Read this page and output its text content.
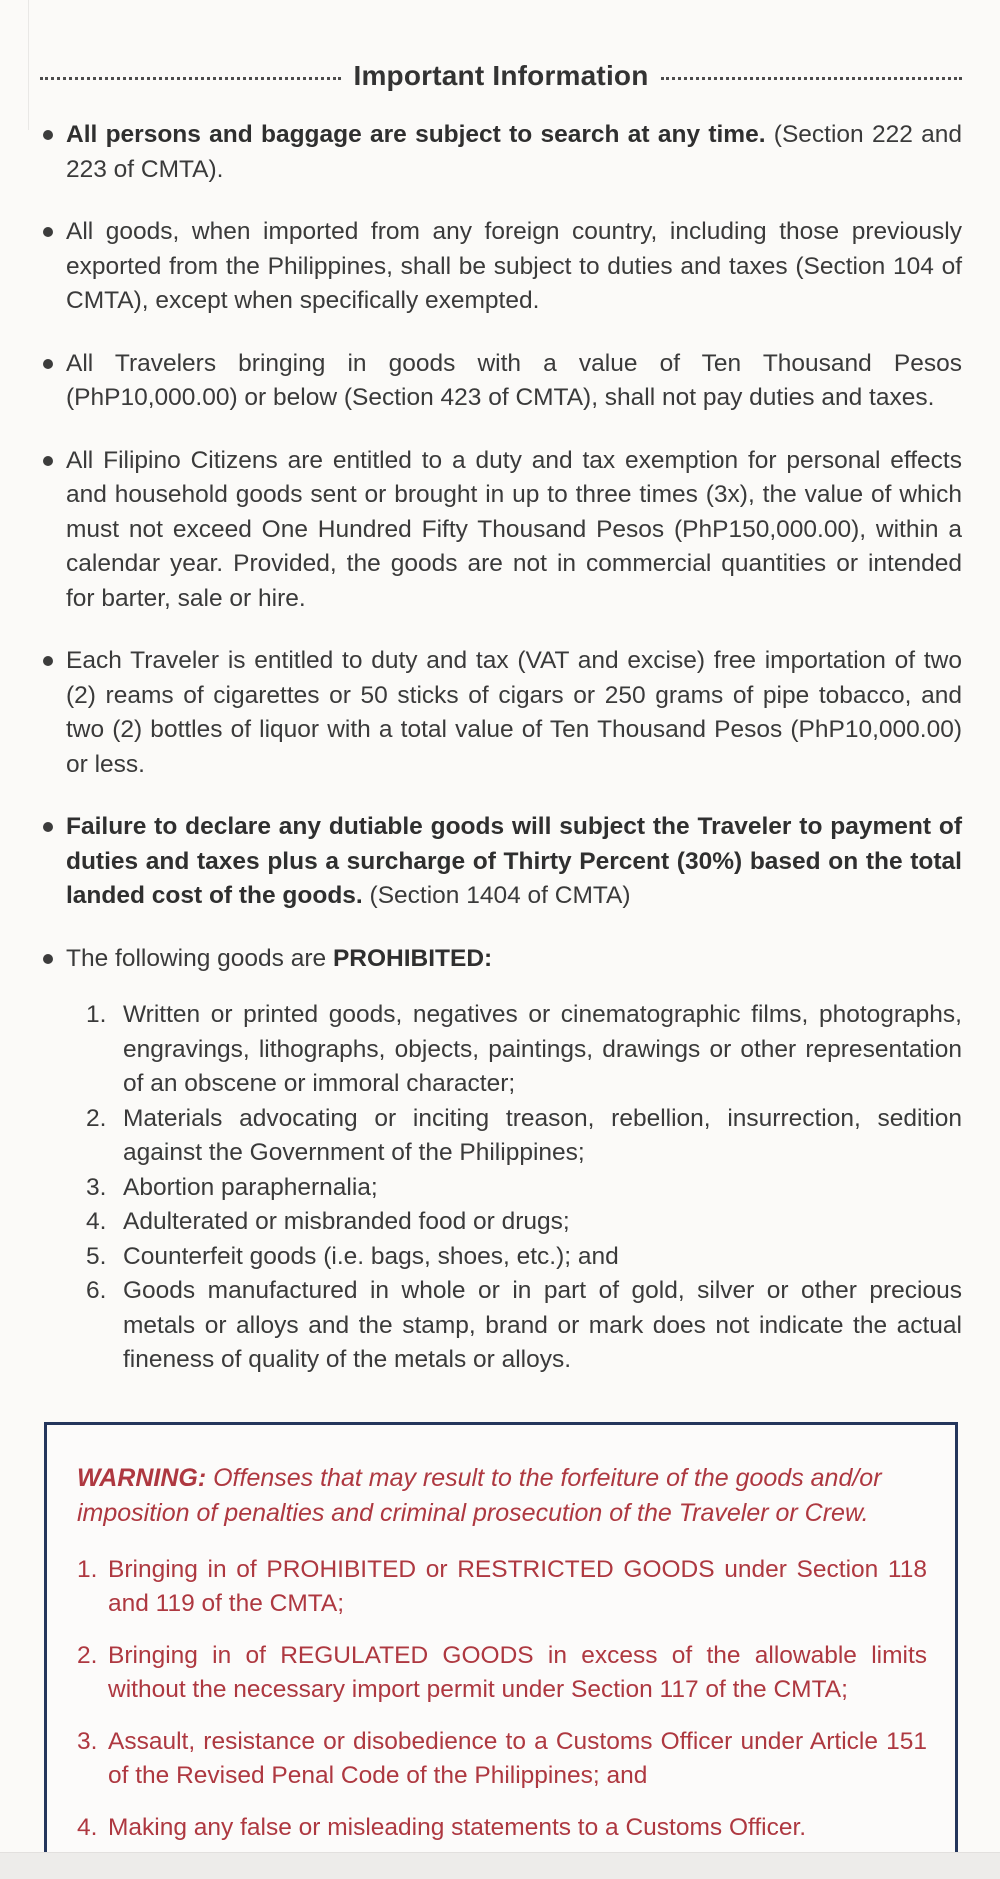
Important Information
All persons and baggage are subject to search at any time. (Section 222 and 223 of CMTA).
All goods, when imported from any foreign country, including those previously exported from the Philippines, shall be subject to duties and taxes (Section 104 of CMTA), except when specifically exempted.
All Travelers bringing in goods with a value of Ten Thousand Pesos (PhP10,000.00) or below (Section 423 of CMTA), shall not pay duties and taxes.
All Filipino Citizens are entitled to a duty and tax exemption for personal effects and household goods sent or brought in up to three times (3x), the value of which must not exceed One Hundred Fifty Thousand Pesos (PhP150,000.00), within a calendar year. Provided, the goods are not in commercial quantities or intended for barter, sale or hire.
Each Traveler is entitled to duty and tax (VAT and excise) free importation of two (2) reams of cigarettes or 50 sticks of cigars or 250 grams of pipe tobacco, and two (2) bottles of liquor with a total value of Ten Thousand Pesos (PhP10,000.00) or less.
Failure to declare any dutiable goods will subject the Traveler to payment of duties and taxes plus a surcharge of Thirty Percent (30%) based on the total landed cost of the goods. (Section 1404 of CMTA)
The following goods are PROHIBITED:
1. Written or printed goods, negatives or cinematographic films, photographs, engravings, lithographs, objects, paintings, drawings or other representation of an obscene or immoral character;
2. Materials advocating or inciting treason, rebellion, insurrection, sedition against the Government of the Philippines;
3. Abortion paraphernalia;
4. Adulterated or misbranded food or drugs;
5. Counterfeit goods (i.e. bags, shoes, etc.); and
6. Goods manufactured in whole or in part of gold, silver or other precious metals or alloys and the stamp, brand or mark does not indicate the actual fineness of quality of the metals or alloys.
WARNING: Offenses that may result to the forfeiture of the goods and/or imposition of penalties and criminal prosecution of the Traveler or Crew.
1. Bringing in of PROHIBITED or RESTRICTED GOODS under Section 118 and 119 of the CMTA;
2. Bringing in of REGULATED GOODS in excess of the allowable limits without the necessary import permit under Section 117 of the CMTA;
3. Assault, resistance or disobedience to a Customs Officer under Article 151 of the Revised Penal Code of the Philippines; and
4. Making any false or misleading statements to a Customs Officer.
